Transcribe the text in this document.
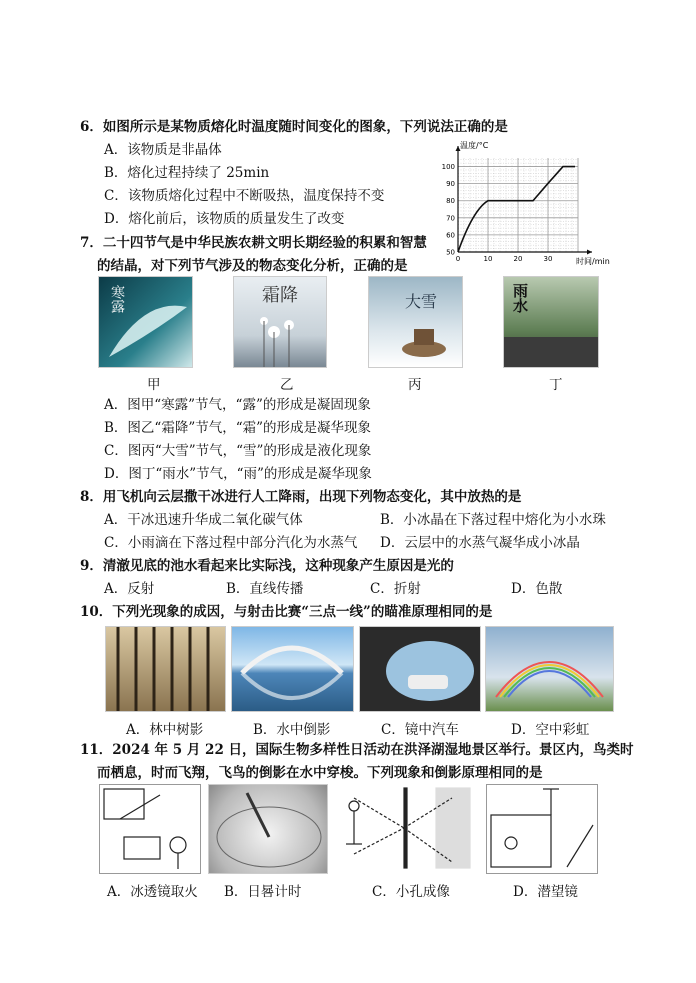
6．如图所示是某物质熔化时温度随时间变化的图象，下列说法正确的是
A．该物质是非晶体
B．熔化过程持续了 25min
C．该物质熔化过程中不断吸热，温度保持不变
D．熔化前后，该物质的质量发生了改变
0	10	20	30
50
60
70
80
90
100
温度/°C
时间/min
7．二十四节气是中华民族农耕文明长期经验的积累和智慧
的结晶，对下列节气涉及的物态变化分析，正确的是
寒露	霜降	大雪	雨水
甲	乙	丙	丁
A．图甲“寒露”节气，“露”的形成是凝固现象
B．图乙“霜降”节气，“霜”的形成是凝华现象
C．图丙“大雪”节气，“雪”的形成是液化现象
D．图丁“雨水”节气，“雨”的形成是凝华现象
8．用飞机向云层撒干冰进行人工降雨，出现下列物态变化，其中放热的是
A．干冰迅速升华成二氧化碳气体	B．小冰晶在下落过程中熔化为小水珠
C．小雨滴在下落过程中部分汽化为水蒸气 D．云层中的水蒸气凝华成小冰晶
9．清澈见底的池水看起来比实际浅，这种现象产生原因是光的
A．反射	B．直线传播	C．折射	D．色散
10．下列光现象的成因，与射击比赛“三点一线”的瞄准原理相同的是
A．林中树影	B．水中倒影	C．镜中汽车	D．空中彩虹
11．2024 年 5 月 22 日，国际生物多样性日活动在洪泽湖湿地景区举行。景区内，鸟类时
而栖息，时而飞翔，飞鸟的倒影在水中穿梭。下列现象和倒影原理相同的是
A．冰透镜取火 B．日晷计时	C．小孔成像	D．潜望镜
